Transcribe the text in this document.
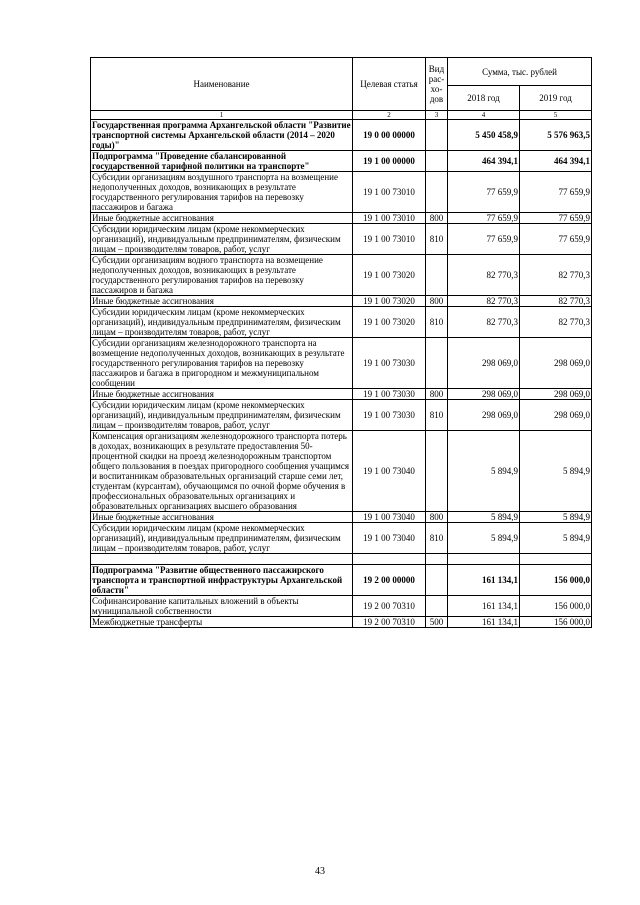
Наименование	Целевая статья	Вид рас-хо-дов	Сумма, тыс. рублей	
			2018 год	2019 год
1	2	3	4	5
Государственная программа Архангельской области "Развитие транспортной системы Архангельской области (2014 – 2020 годы)"	19 0 00 00000		5 450 458,9	5 576 963,5
Подпрограмма "Проведение сбалансированной государственной тарифной политики на транспорте"	19 1 00 00000		464 394,1	464 394,1
Субсидии организациям воздушного транспорта на возмещение недополученных доходов, возникающих в результате государственного регулирования тарифов на перевозку пассажиров и багажа	19 1 00 73010		77 659,9	77 659,9
Иные бюджетные ассигнования	19 1 00 73010	800	77 659,9	77 659,9
Субсидии юридическим лицам (кроме некоммерческих организаций), индивидуальным предпринимателям, физическим лицам – производителям товаров, работ, услуг	19 1 00 73010	810	77 659,9	77 659,9
Субсидии организациям водного транспорта на возмещение недополученных доходов, возникающих в результате государственного регулирования тарифов на перевозку пассажиров и багажа	19 1 00 73020		82 770,3	82 770,3
Иные бюджетные ассигнования	19 1 00 73020	800	82 770,3	82 770,3
Субсидии юридическим лицам (кроме некоммерческих организаций), индивидуальным предпринимателям, физическим лицам – производителям товаров, работ, услуг	19 1 00 73020	810	82 770,3	82 770,3
Субсидии организациям железнодорожного транспорта на возмещение недополученных доходов, возникающих в результате государственного регулирования тарифов на перевозку пассажиров и багажа в пригородном и межмуниципальном сообщении	19 1 00 73030		298 069,0	298 069,0
Иные бюджетные ассигнования	19 1 00 73030	800	298 069,0	298 069,0
Субсидии юридическим лицам (кроме некоммерческих организаций), индивидуальным предпринимателям, физическим лицам – производителям товаров, работ, услуг	19 1 00 73030	810	298 069,0	298 069,0
Компенсация организациям железнодорожного транспорта потерь в доходах, возникающих в результате предоставления 50-процентной скидки на проезд железнодорожным транспортом общего пользования в поездах пригородного сообщения учащимся и воспитанникам образовательных организаций старше семи лет, студентам (курсантам), обучающимся по очной форме обучения в профессиональных образовательных организациях и образовательных организациях высшего образования	19 1 00 73040		5 894,9	5 894,9
Иные бюджетные ассигнования	19 1 00 73040	800	5 894,9	5 894,9
Субсидии юридическим лицам (кроме некоммерческих организаций), индивидуальным предпринимателям, физическим лицам – производителям товаров, работ, услуг	19 1 00 73040	810	5 894,9	5 894,9

Подпрограмма "Развитие общественного пассажирского транспорта и транспортной инфраструктуры Архангельской области"	19 2 00 00000		161 134,1	156 000,0
Софинансирование капитальных вложений в объекты муниципальной собственности	19 2 00 70310		161 134,1	156 000,0
Межбюджетные трансферты	19 2 00 70310	500	161 134,1	156 000,0
43
